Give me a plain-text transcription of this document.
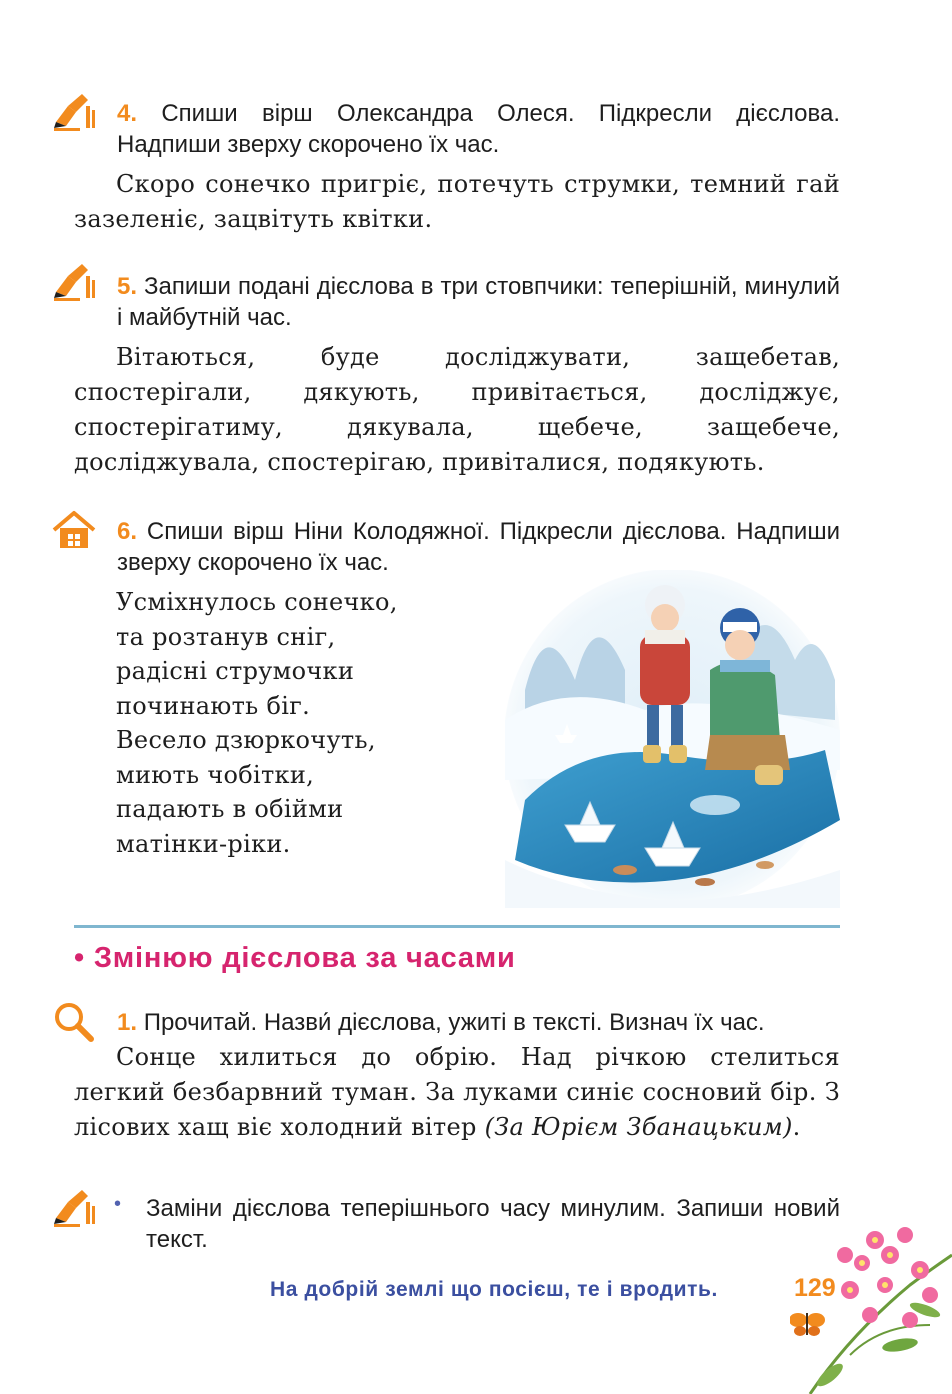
4. Спиши вірш Олександра Олеся. Підкресли дієслова. Надпиши зверху скорочено їх час.
Скоро сонечко пригріє, потечуть струмки, темний гай зазеленіє, зацвітуть квітки.
5. Запиши подані дієслова в три стовпчики: теперішній, минулий і майбутній час.
Вітаються, буде досліджувати, защебетав, спостерігали, дякують, привітається, досліджує, спостерігатиму, дякувала, щебече, защебече, досліджувала, спостерігаю, привіталися, подякують.
6. Спиши вірш Ніни Колодяжної. Підкресли дієслова. Надпиши зверху скорочено їх час.
Усміхнулось сонечко,
та розтанув сніг,
радісні струмочки
починають біг.
Весело дзюркочуть,
миють чобітки,
падають в обійми
матінки-ріки.
• Змінюю дієслова за часами
1. Прочитай. Назви́ дієслова, ужиті в тексті. Визнач їх час.
Сонце хилиться до обрію. Над річкою стелиться легкий безбарвний туман. За луками синіє сосновий бір. З лісових хащ віє холодний вітер (За Юрієм Збанацьким).
• Заміни дієслова теперішнього часу минулим. Запиши новий текст.
На добрій землі що посієш, те і вродить.	129
